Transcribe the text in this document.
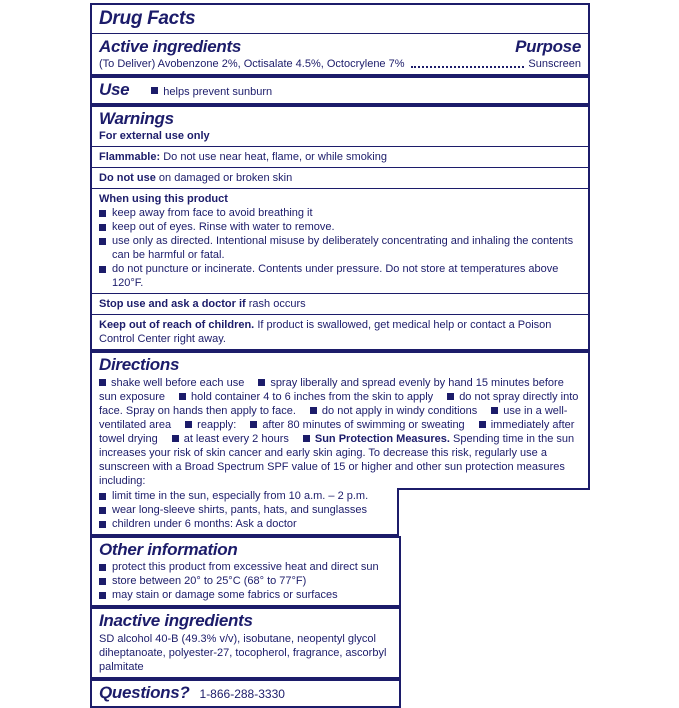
Drug Facts
Active ingredients	Purpose
(To Deliver) Avobenzone 2%, Octisalate 4.5%, Octocrylene 7%	Sunscreen
Use	helps prevent sunburn
Warnings
For external use only
Flammable: Do not use near heat, flame, or while smoking
Do not use on damaged or broken skin
When using this product
keep away from face to avoid breathing it
keep out of eyes. Rinse with water to remove.
use only as directed. Intentional misuse by deliberately concentrating and inhaling the contents can be harmful or fatal.
do not puncture or incinerate. Contents under pressure. Do not store at temperatures above 120°F.
Stop use and ask a doctor if rash occurs
Keep out of reach of children. If product is swallowed, get medical help or contact a Poison Control Center right away.
Directions
shake well before each use spray liberally and spread evenly by hand 15 minutes before sun exposure hold container 4 to 6 inches from the skin to apply do not spray directly into face. Spray on hands then apply to face. do not apply in windy conditions use in a well-ventilated area reapply: after 80 minutes of swimming or sweating immediately after towel drying at least every 2 hours Sun Protection Measures. Spending time in the sun increases your risk of skin cancer and early skin aging. To decrease this risk, regularly use a sunscreen with a Broad Spectrum SPF value of 15 or higher and other sun protection measures including:
limit time in the sun, especially from 10 a.m. – 2 p.m.
wear long-sleeve shirts, pants, hats, and sunglasses
children under 6 months: Ask a doctor
Other information
protect this product from excessive heat and direct sun
store between 20° to 25°C (68° to 77°F)
may stain or damage some fabrics or surfaces
Inactive ingredients
SD alcohol 40-B (49.3% v/v), isobutane, neopentyl glycol diheptanoate, polyester-27, tocopherol, fragrance, ascorbyl palmitate
Questions? 1-866-288-3330
